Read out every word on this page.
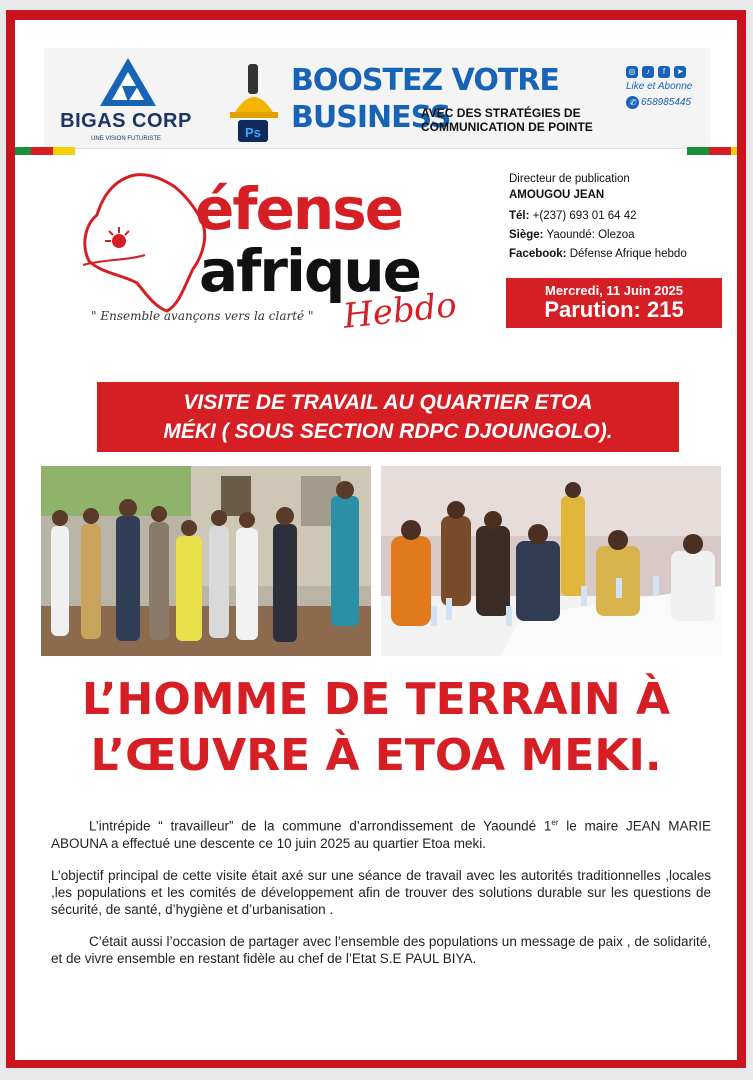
BIGAS CORP
UNE VISION FUTURISTE	Ps
BOOSTEZ VOTRE
BUSINESS
AVEC DES STRATÉGIES DE COMMUNICATION DE POINTE
◎	♪	f	➤
Like et Abonne
✆ 658985445
éfense
afrique
Hebdo
" Ensemble avançons vers la clarté "
Directeur de publication
AMOUGOU JEAN
Tél: +(237) 693 01 64 42
Siège: Yaoundé: Olezoa
Facebook: Défense Afrique hebdo
Mercredi, 11 Juin 2025
Parution: 215
VISITE DE TRAVAIL AU QUARTIER ETOA
MÉKI ( SOUS SECTION RDPC DJOUNGOLO).
L’HOMME DE TERRAIN À
L’ŒUVRE À ETOA MEKI.

L’intrépide “ travailleur” de la commune d’arrondissement de Yaoundé 1er le maire JEAN MARIE ABOUNA a effectué une descente ce 10 juin 2025 au quartier Etoa meki.

L’objectif principal de cette visite était axé sur une séance de travail avec les autorités traditionnelles ,locales ,les populations et les comités de développement afin de trouver des solutions durable sur les questions de sécurité, de santé, d’hygiène et d’urbanisation .

C’était aussi l’occasion de partager avec l’ensemble des populations un message de paix , de solidarité, et de vivre ensemble en restant fidèle au chef de l’Etat S.E PAUL BIYA.
